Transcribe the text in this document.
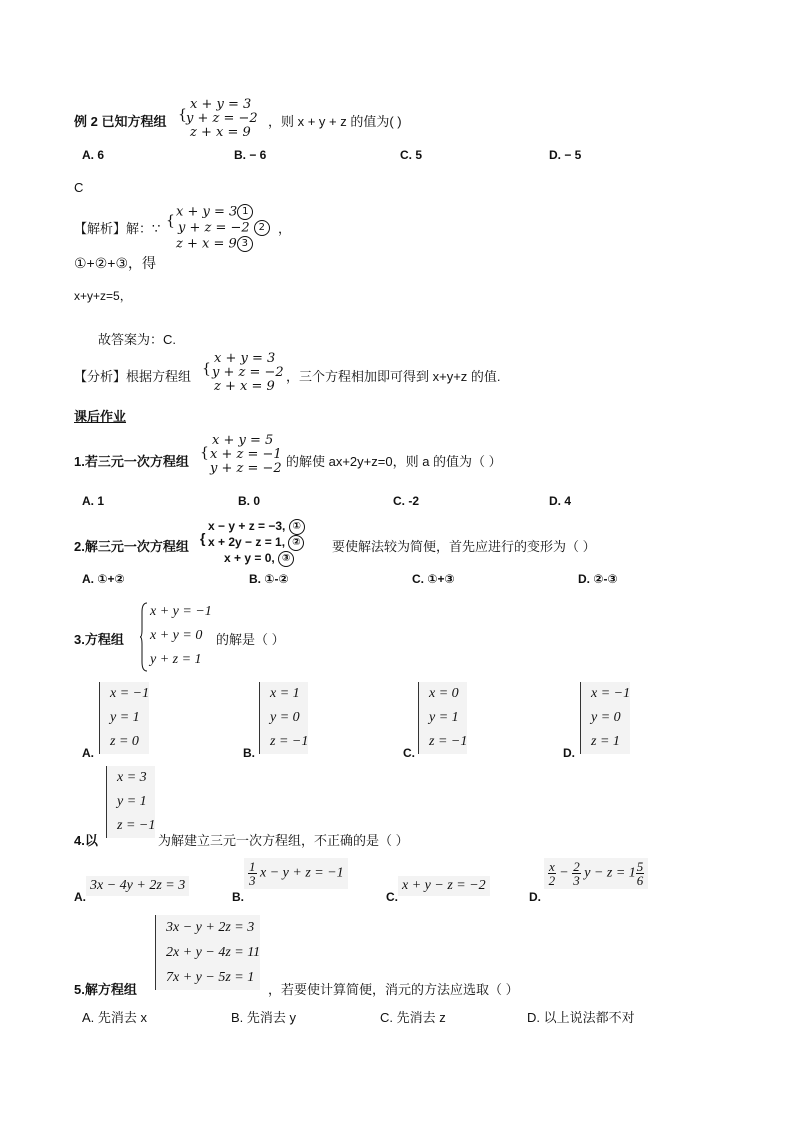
例 2 已知方程组 {
x + y = 3
y + z = −2
z + x = 9
，则 x + y + z 的值为( )
A. 6	B. − 6	C. 5	D. − 5
C
【解析】解：∵ {
x + y = 3 1
y + z = −2 2
z + x = 9 3
，
①+②+③，得
x+y+z=5，
故答案为：C.
【分析】根据方程组 {
x + y = 3
y + z = −2
z + x = 9
，三个方程相加即可得到 x+y+z 的值.
课后作业
1.若三元一次方程组
{
x + y = 5
x + z = −1
y + z = −2 的解使 ax+2y+z=0，则 a 的值为（ ）
A. 1	B. 0	C. -2	D. 4
2.解三元一次方程组
{
x − y + z = −3, ①
x + 2y − z = 1, ②
x + y = 0, ③
要使解法较为简便，首先应进行的变形为（ ）
A. ①+②	B. ①-②	C. ①+③	D. ②-③
3.方程组
x + y = −1
x + y = 0
y + z = 1
的解是（ ）
A.
x = −1
y = 1
z = 0
B.
x = 1
y = 0
z = −1
C.
x = 0
y = 1
z = −1
D.
x = −1
y = 0
z = 1
4.以
x = 3
y = 1
z = −1
为解建立三元一次方程组，不正确的是（ ）
A.
3x − 4y + 2z = 3
B.
$\frac{1}{3}$ x − y + z = −1
C.
x + y − z = −2
D.
$\frac{x}{2} - \frac{2}{3}$ $y - z = 1 \frac{5}{6}$
5.解方程组
3x − y + 2z = 3
2x + y − 4z = 11
7x + y − 5z = 1
，若要使计算简便，消元的方法应选取（ ）
A. 先消去 x	B. 先消去 y	C. 先消去 z	D. 以上说法都不对
